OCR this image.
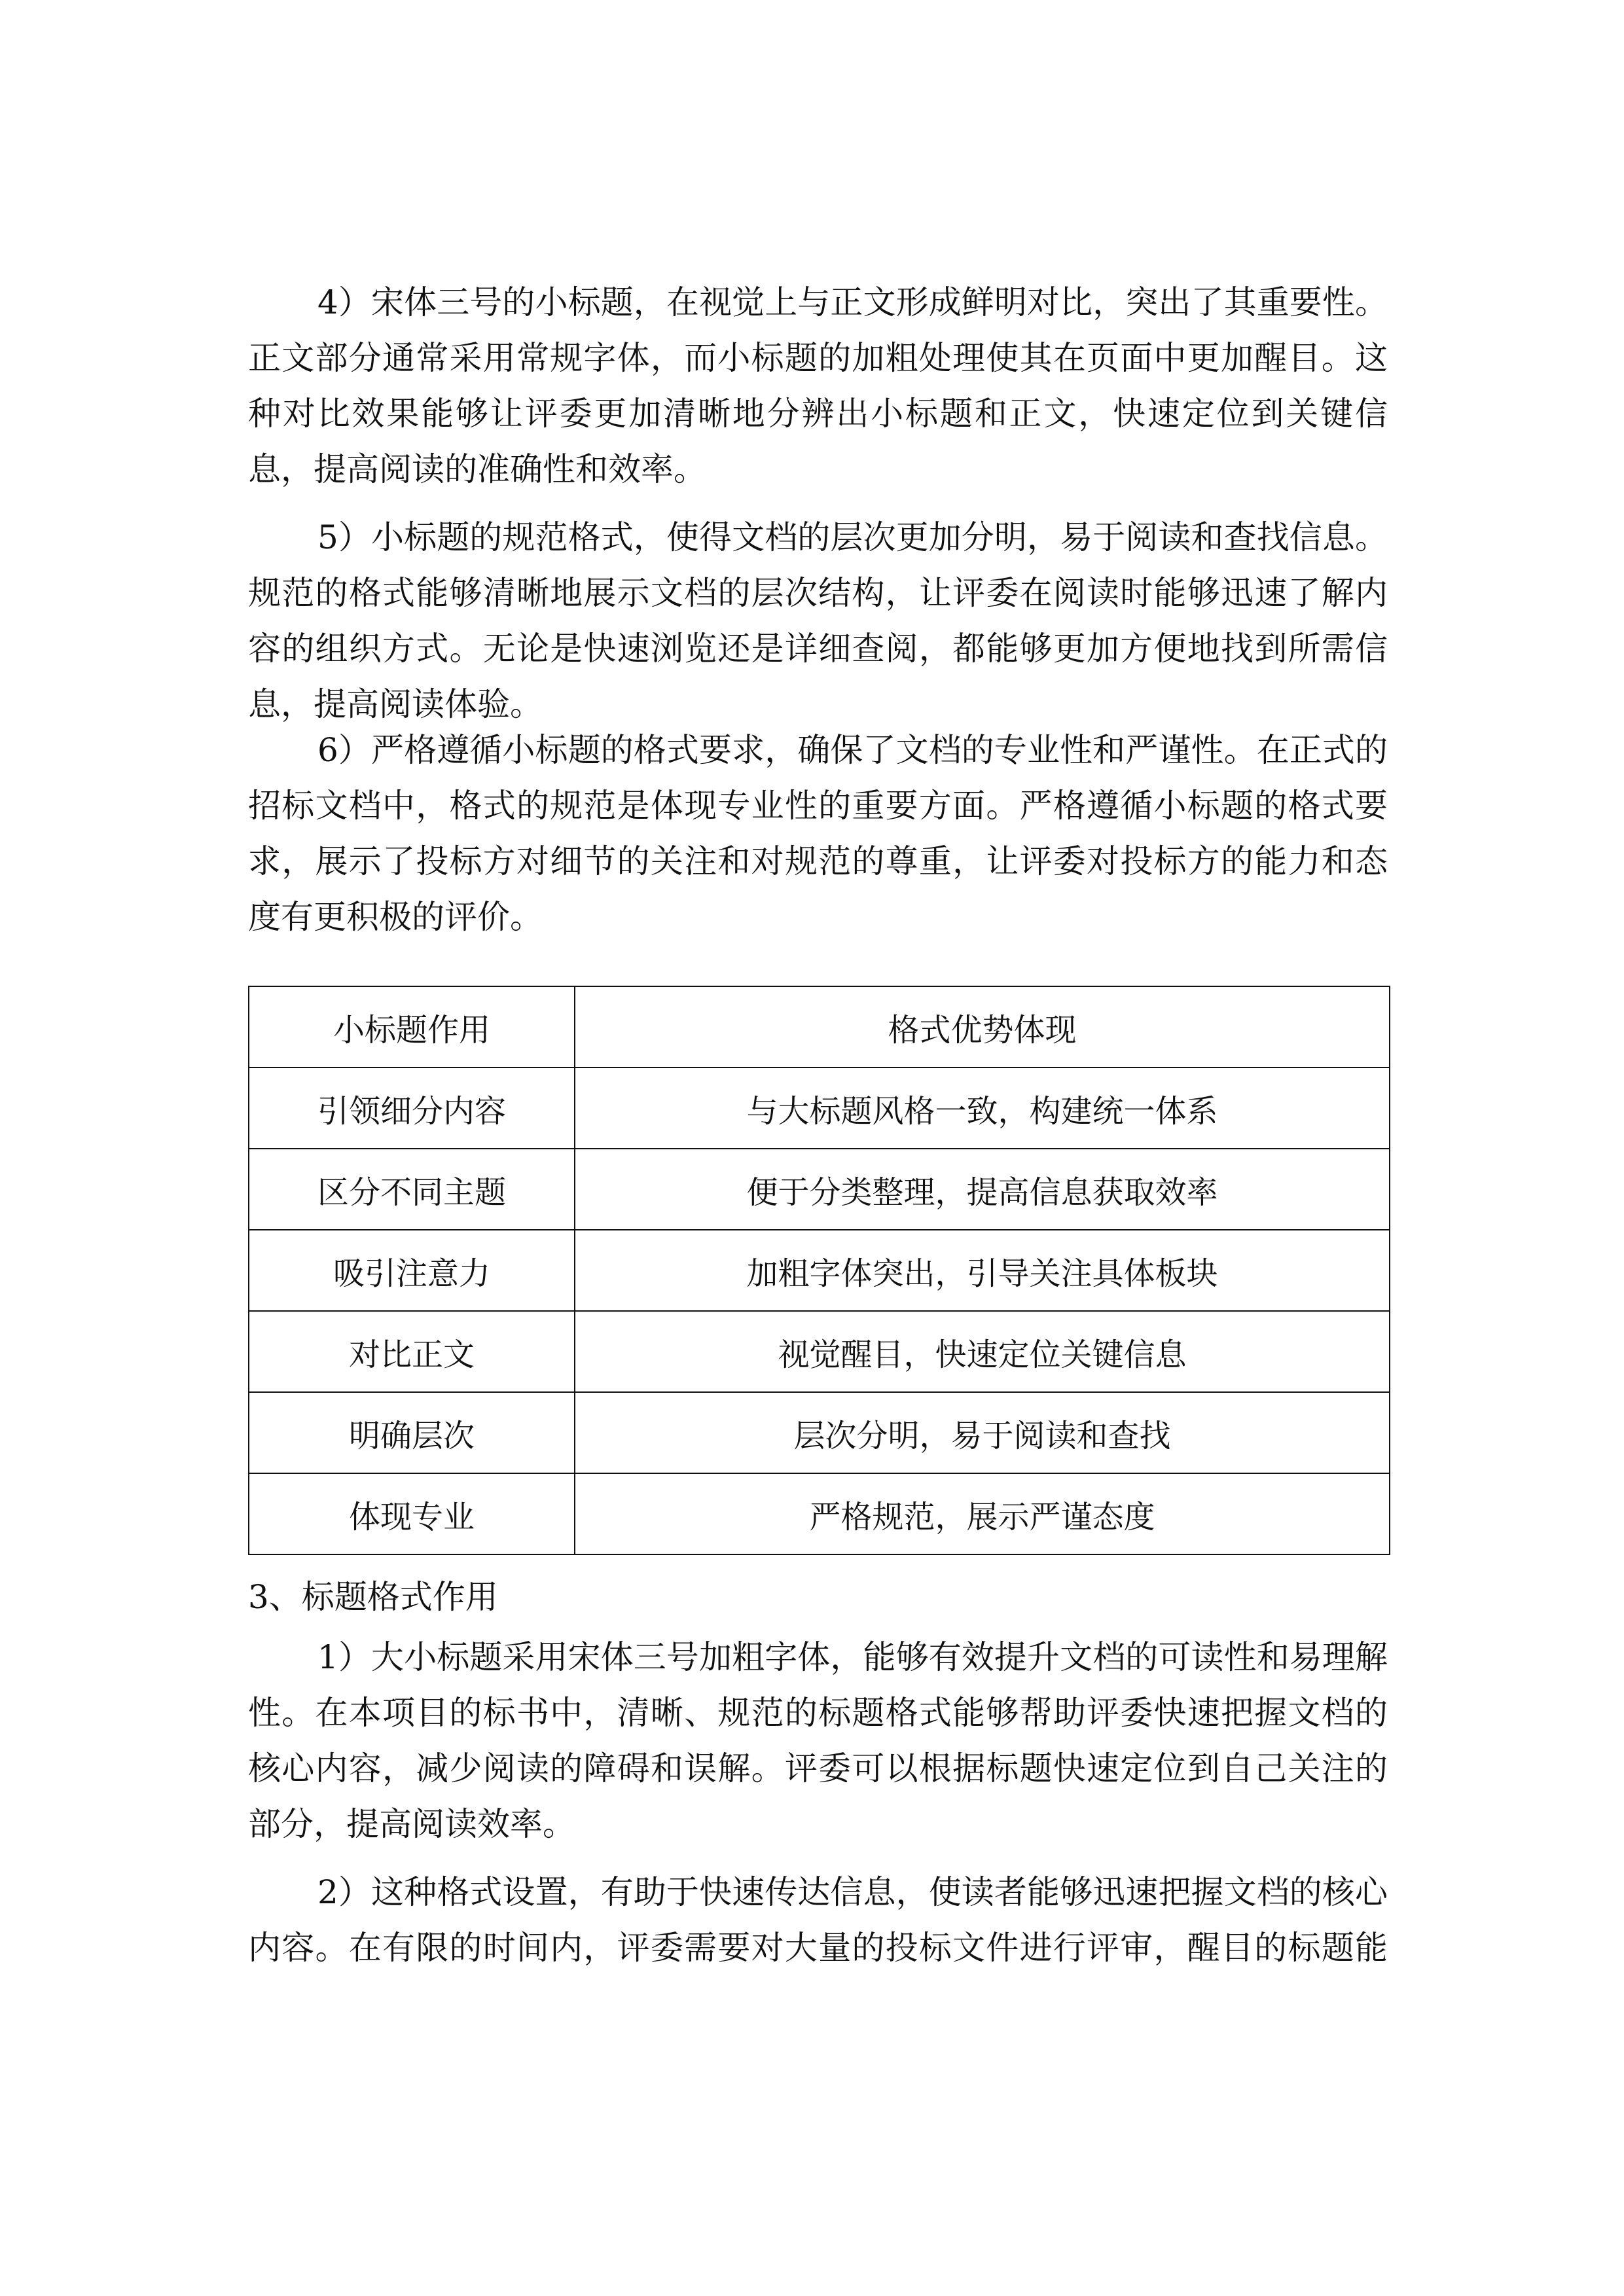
4）宋体三号的小标题，在视觉上与正文形成鲜明对比，突出了其重要性。
正文部分通常采用常规字体，而小标题的加粗处理使其在页面中更加醒目。这
种对比效果能够让评委更加清晰地分辨出小标题和正文，快速定位到关键信
息，提高阅读的准确性和效率。
5）小标题的规范格式，使得文档的层次更加分明，易于阅读和查找信息。
规范的格式能够清晰地展示文档的层次结构，让评委在阅读时能够迅速了解内
容的组织方式。无论是快速浏览还是详细查阅，都能够更加方便地找到所需信
息，提高阅读体验。
6）严格遵循小标题的格式要求，确保了文档的专业性和严谨性。在正式的
招标文档中，格式的规范是体现专业性的重要方面。严格遵循小标题的格式要
求，展示了投标方对细节的关注和对规范的尊重，让评委对投标方的能力和态
度有更积极的评价。
小标题作用	格式优势体现
引领细分内容	与大标题风格一致，构建统一体系
区分不同主题	便于分类整理，提高信息获取效率
吸引注意力	加粗字体突出，引导关注具体板块
对比正文	视觉醒目，快速定位关键信息
明确层次	层次分明，易于阅读和查找
体现专业	严格规范，展示严谨态度
3、标题格式作用
1）大小标题采用宋体三号加粗字体，能够有效提升文档的可读性和易理解
性。在本项目的标书中，清晰、规范的标题格式能够帮助评委快速把握文档的
核心内容，减少阅读的障碍和误解。评委可以根据标题快速定位到自己关注的
部分，提高阅读效率。
2）这种格式设置，有助于快速传达信息，使读者能够迅速把握文档的核心
内容。在有限的时间内，评委需要对大量的投标文件进行评审，醒目的标题能
